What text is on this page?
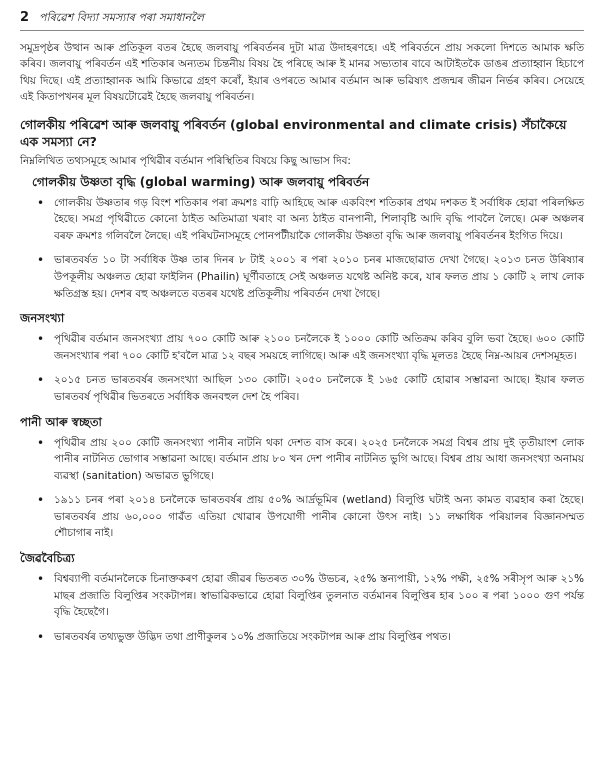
2 পৰিৱেশ বিদ্যা সমস্যাৰ পৰা সমাধানলৈ

সমুদ্ৰপৃষ্ঠৰ উত্থান আৰু প্ৰতিকূল বতৰ হৈছে জলবায়ু পৰিবৰ্তনৰ দুটা মাত্ৰ উদাহৰণহে। এই পৰিবৰ্তনে প্ৰায় সকলো দিশতে আমাক ক্ষতি কৰিব। জলবায়ু পৰিবৰ্তন এই শতিকাৰ অন্যতম চিন্তনীয় বিষয় হৈ পৰিছে আৰু ই মানৱ সভ্যতাৰ বাবে আটাইতকৈ ডাঙৰ প্ৰত্যাহ্বান হিচাপে থিয় দিছে। এই প্ৰত্যাহ্বানক আমি কিভাৱে গ্ৰহণ কৰোঁ, ইয়াৰ ওপৰতে আমাৰ বৰ্তমান আৰু ভৱিষ্যৎ প্ৰজন্মৰ জীৱন নিৰ্ভৰ কৰিব। সেয়েহে এই কিতাপখনৰ মূল বিষয়টোৱেই হৈছে জলবায়ু পৰিবৰ্তন।

গোলকীয় পৰিৱেশ আৰু জলবায়ু পৰিবৰ্তন (global environmental and climate crisis) সঁচাকৈয়ে এক সমস্যা নে?

নিম্নলিখিত তথ্যসমূহে আমাৰ পৃথিৱীৰ বৰ্তমান পৰিস্থিতিৰ বিষয়ে কিছু আভাস দিব:

গোলকীয় উষ্ণতা বৃদ্ধি (global warming) আৰু জলবায়ু পৰিবৰ্তন
• গোলকীয় উষ্ণতাৰ গড় বিংশ শতিকাৰ পৰা ক্ৰমশঃ বাঢ়ি আহিছে আৰু একবিংশ শতিকাৰ প্ৰথম দশকত ই সৰ্বাধিক হোৱা পৰিলক্ষিত হৈছে। সমগ্ৰ পৃথিৱীতে কোনো ঠাইত অতিমাত্ৰা খৰাং বা অন্য ঠাইত বানপানী, শিলাবৃষ্টি আদি বৃদ্ধি পাবলৈ লৈছে। মেৰু অঞ্চলৰ বৰফ ক্ৰমশঃ গলিবলৈ লৈছে। এই পৰিঘটনাসমূহে পোনপটীয়াকৈ গোলকীয় উষ্ণতা বৃদ্ধি আৰু জলবায়ু পৰিবৰ্তনৰ ইংগিত দিয়ে।
• ভাৰতবৰ্ষত ১০ টা সৰ্বাধিক উষ্ণ তাৰ দিনৰ ৮ টাই ২০০১ ৰ পৰা ২০১০ চনৰ মাজছোৱাত দেখা গৈছে। ২০১৩ চনত উৰিষ্যাৰ উপকূলীয় অঞ্চলত হোৱা ফাইলিন (Phailin) ঘূৰ্ণীবতাহে সেই অঞ্চলত যথেষ্ট অনিষ্ট কৰে, যাৰ ফলত প্ৰায় ১ কোটি ২ লাখ লোক ক্ষতিগ্ৰস্ত হয়। দেশৰ বহু অঞ্চলতে বতৰৰ যথেষ্ট প্ৰতিকূলীয় পৰিবৰ্তন দেখা গৈছে।
জনসংখ্যা
• পৃথিৱীৰ বৰ্তমান জনসংখ্যা প্ৰায় ৭০০ কোটি আৰু ২১০০ চনলৈকে ই ১০০০ কোটি অতিক্ৰম কৰিব বুলি ভবা হৈছে। ৬০০ কোটি জনসংখ্যাৰ পৰা ৭০০ কোটি হ'বলৈ মাত্ৰ ১২ বছৰ সময়হে লাগিছে। আৰু এই জনসংখ্যা বৃদ্ধি মূলতঃ হৈছে নিম্ন-আয়ৰ দেশসমূহত।
• ২০১৫ চনত ভাৰতবৰ্ষৰ জনসংখ্যা আছিল ১৩০ কোটি। ২০৫০ চনলৈকে ই ১৬৫ কোটি হোৱাৰ সম্ভাৱনা আছে। ইয়াৰ ফলত ভাৰতবৰ্ষ পৃথিৱীৰ ভিতৰতে সৰ্বাধিক জনবহুল দেশ হৈ পৰিব।
পানী আৰু স্বচ্ছতা
• পৃথিৱীৰ প্ৰায় ২০০ কোটি জনসংখ্যা পানীৰ নাটনি থকা দেশত বাস কৰে। ২০২৫ চনলৈকে সমগ্ৰ বিশ্বৰ প্ৰায় দুই তৃতীয়াংশ লোক পানীৰ নাটনিত ভোগাৰ সম্ভাৱনা আছে। বৰ্তমান প্ৰায় ৮০ খন দেশ পানীৰ নাটনিত ভুগি আছে। বিশ্বৰ প্ৰায় আধা জনসংখ্যা অনাময় ব্যৱস্থা (sanitation) অভাৱত ভুগিছে।
• ১৯১১ চনৰ পৰা ২০১৪ চনলৈকে ভাৰতবৰ্ষৰ প্ৰায় ৫০% আৰ্দ্ৰভূমিৰ (wetland) বিলুপ্তি ঘটাই অন্য কামত ব্যৱহাৰ কৰা হৈছে। ভাৰতবৰ্ষৰ প্ৰায় ৬০,০০০ গাৱঁত এতিয়া খোৱাৰ উপযোগী পানীৰ কোনো উৎস নাই। ১১ লক্ষাধিক পৰিয়ালৰ বিজ্ঞানসম্মত শৌচাগাৰ নাই।
জৈৱবৈচিত্ৰ্য
• বিশ্বব্যাপী বৰ্তমানলৈকে চিনাক্তকৰণ হোৱা জীৱৰ ভিতৰত ৩০% উভচৰ, ২৫% স্তন্যপায়ী, ১২% পক্ষী, ২৫% সৰীসৃপ আৰু ২১% মাছৰ প্ৰজাতি বিলুপ্তিৰ সংকটাপন্ন। স্বাভাৱিকভাৱে হোৱা বিলুপ্তিৰ তুলনাত বৰ্তমানৰ বিলুপ্তিৰ হাৰ ১০০ ৰ পৰা ১০০০ গুণ পৰ্যন্ত বৃদ্ধি হৈছেগৈ।
• ভাৰতবৰ্ষৰ তথ্যভুক্ত উদ্ভিদ তথা প্ৰাণীকুলৰ ১০% প্ৰজাতিয়ে সংকটাপন্ন আৰু প্ৰায় বিলুপ্তিৰ পথত।
